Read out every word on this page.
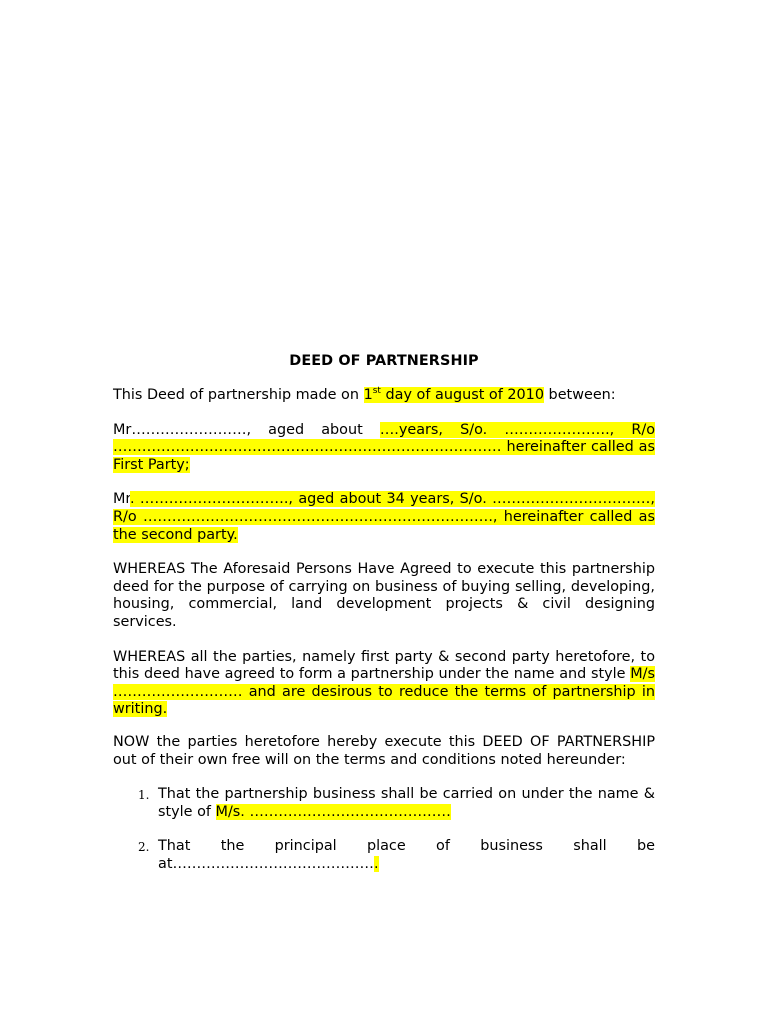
DEED OF PARTNERSHIP

This Deed of partnership made on 1st day of august of 2010 between:

Mr……………………, aged about ….years, S/o. …………………., R/o ……………………………………………………………………… hereinafter called as First Party;

Mr. …………………………., aged about 34 years, S/o. ……………………………, R/o ………………………………………………………………., hereinafter called as the second party.

WHEREAS The Aforesaid Persons Have Agreed to execute this partnership deed for the purpose of carrying on business of buying selling, developing, housing, commercial, land development projects & civil designing services.

WHEREAS all the parties, namely first party & second party heretofore, to this deed have agreed to form a partnership under the name and style M/s ……………………… and are desirous to reduce the terms of partnership in writing.

NOW the parties heretofore hereby execute this DEED OF PARTNERSHIP out of their own free will on the terms and conditions noted hereunder:

1. That the partnership business shall be carried on under the name & style of M/s. ……………………………………

2. That the principal place of business shall be at…………………………………….
